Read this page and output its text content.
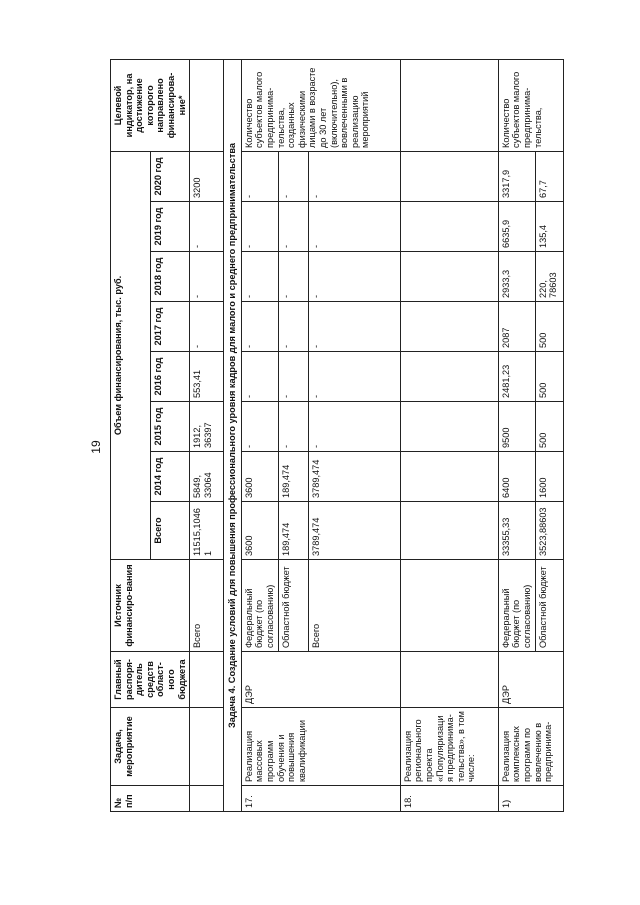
19
№ п/п	Задача, мероприятие	Главный распоря-дитель средств област-ного бюджета	Источник финансиро-вания	Объем финансирования, тыс. руб.								Целевой индикатор, на достижение которого направлено финансирова-ние*
				Всего	2014 год	2015 год	2016 год	2017 год	2018 год	2019 год	2020 год	
			Всего	11515,10461	5849, 33064	1912, 36397	553,41	-	-	-	3200	
Задача 4. Создание условий для повышения профессионального уровня кадров для малого и среднего предпринимательства												
17.	Реализация массовых программ обучения и повышения квалификации	ДЭР	Федеральный бюджет (по согласованию)	3600	3600	-	-	-	-	-	-	Количество субъектов малого предпринима-тельства, созданных физическими лицами в возрасте до 30 лет (включительно), вовлеченными в реализацию мероприятий
			Областной бюджет	189,474	189,474	-	-	-	-	-	-	
			Всего	3789,474	3789,474	-	-	-	-	-	-	
18.	Реализация регионального проекта «Популяризация предпринима-тельства», в том числе:											
1)	Реализация комплексных программ по вовлечению в предпринима-	ДЭР	Федеральный бюджет (по согласованию)	33355,33	6400	9500	2481,23	2087	2933,3	6635,9	3317,9	Количество субъектов малого предпринима-тельства,
			Областной бюджет	3523,88603	1600	500	500	500	220, 78603	135,4	67,7	
